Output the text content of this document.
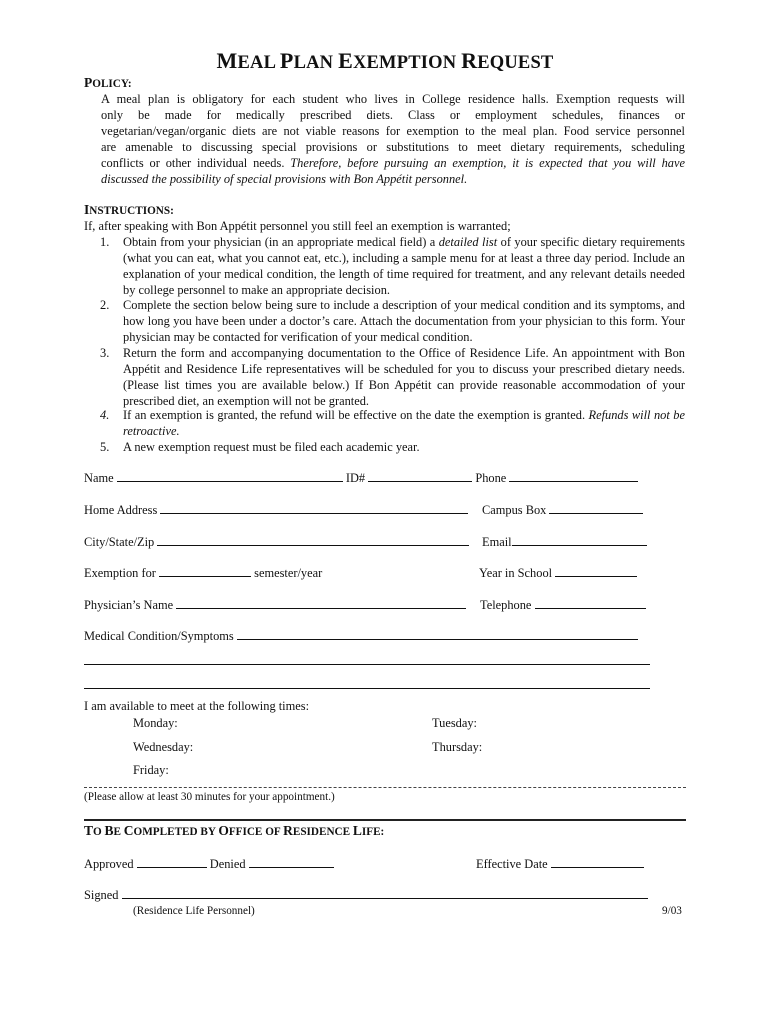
MEAL PLAN EXEMPTION REQUEST
POLICY:
A meal plan is obligatory for each student who lives in College residence halls. Exemption requests will
only be made for medically prescribed diets. Class or employment schedules, finances or
vegetarian/vegan/organic diets are not viable reasons for exemption to the meal plan. Food service personnel
are amenable to discussing special provisions or substitutions to meet dietary requirements, scheduling
conflicts or other individual needs. Therefore, before pursuing an exemption, it is expected that you will have
discussed the possibility of special provisions with Bon Appétit personnel.
INSTRUCTIONS:
If, after speaking with Bon Appétit personnel you still feel an exemption is warranted;
1. Obtain from your physician (in an appropriate medical field) a detailed list of your specific dietary requirements (what you can eat, what you cannot eat, etc.), including a sample menu for at least a three day period. Include an explanation of your medical condition, the length of time required for treatment, and any relevant details needed by college personnel to make an appropriate decision.
2. Complete the section below being sure to include a description of your medical condition and its symptoms, and how long you have been under a doctor’s care. Attach the documentation from your physician to this form. Your physician may be contacted for verification of your medical condition.
3. Return the form and accompanying documentation to the Office of Residence Life. An appointment with Bon Appétit and Residence Life representatives will be scheduled for you to discuss your prescribed dietary needs. (Please list times you are available below.) If Bon Appétit can provide reasonable accommodation of your prescribed diet, an exemption will not be granted.
4. If an exemption is granted, the refund will be effective on the date the exemption is granted. Refunds will not be retroactive.
5. A new exemption request must be filed each academic year.
Name	ID#	Phone
Home Address	Campus Box
City/State/Zip	Email
Exemption for	semester/year	Year in School
Physician’s Name	Telephone
Medical Condition/Symptoms
I am available to meet at the following times:
Monday:	Tuesday:
Wednesday:	Thursday:
Friday:
(Please allow at least 30 minutes for your appointment.)
TO BE COMPLETED BY OFFICE OF RESIDENCE LIFE:
Approved	Denied	Effective Date
Signed
(Residence Life Personnel)	9/03
